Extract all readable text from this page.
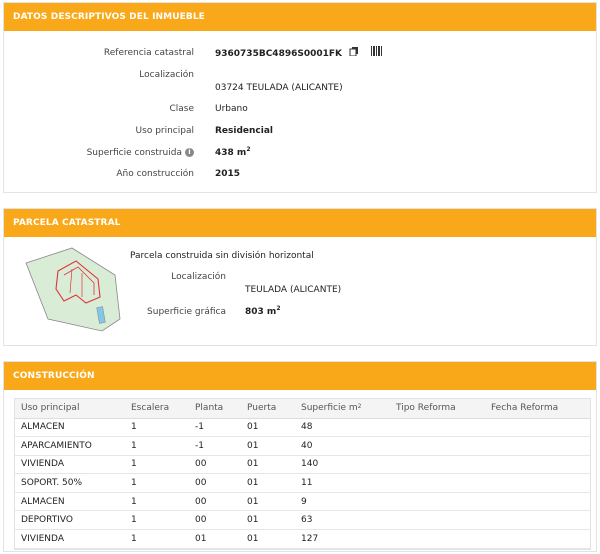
DATOS DESCRIPTIVOS DEL INMUEBLE
Referencia catastral 9360735BC4896S0001FK
Localización
03724 TEULADA (ALICANTE)
Clase Urbano
Uso principal Residencial
Superficie construida i	438 $m^2$
Año construcción 2015
PARCELA CATASTRAL
Parcela construida sin división horizontal
Localización
TEULADA (ALICANTE)
Superficie gráfica 803 $m^2$
CONSTRUCCIÓN
Uso principal	Escalera	Planta	Puerta	Superficie $m^2$	Tipo Reforma	Fecha Reforma
ALMACEN	1	-1	01	48		
APARCAMIENTO	1	-1	01	40		
VIVIENDA	1	00	01	140		
SOPORT. 50%	1	00	01	11		
ALMACEN	1	00	01	9		
DEPORTIVO	1	00	01	63		
VIVIENDA	1	01	01	127		
